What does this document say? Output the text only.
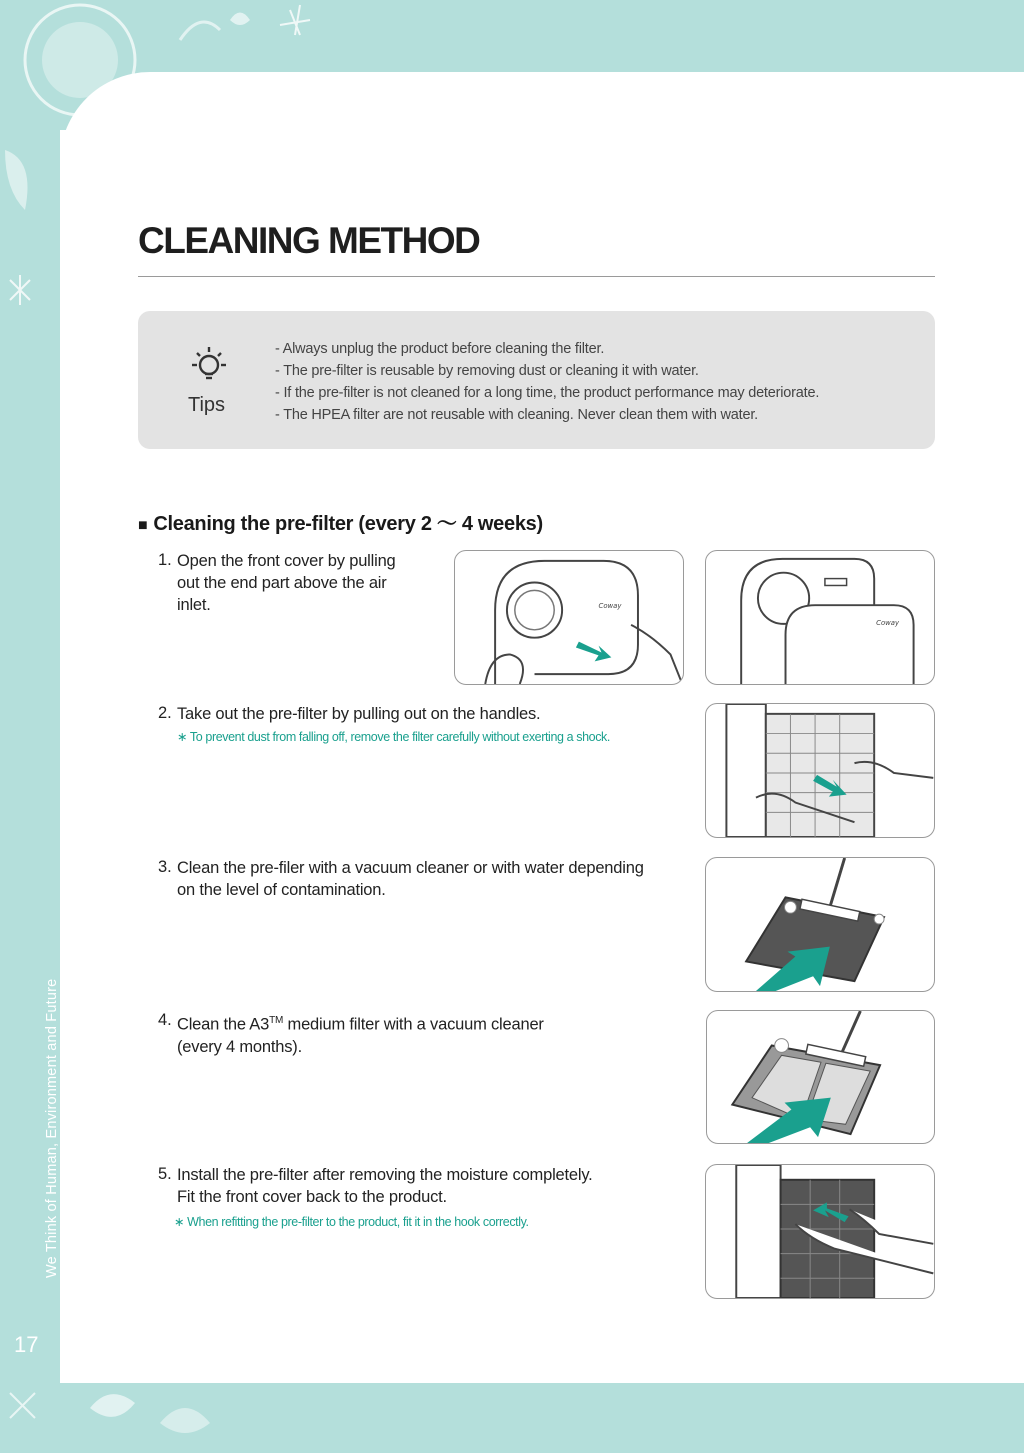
We Think of Human, Environment and Future
17
CLEANING METHOD
Tips
- Always unplug the product before cleaning the filter.
- The pre-filter is reusable by removing dust or cleaning it with water.
- If the pre-filter is not cleaned for a long time, the product performance may deteriorate.
- The HPEA filter are not reusable with cleaning. Never clean them with water.
■ Cleaning the pre-filter (every 2 ～ 4 weeks)
1. Open the front cover by pulling
out the end part above the air
inlet.	Coway
Coway
2. Take out the pre-filter by pulling out on the handles.
∗ To prevent dust from falling off, remove the filter carefully without exerting a shock.
3. Clean the pre-filer with a vacuum cleaner or with water depending
on the level of contamination.
4. Clean the A3™ medium filter with a vacuum cleaner
(every 4 months).
5. Install the pre-filter after removing the moisture completely.
Fit the front cover back to the product.
∗ When refitting the pre-filter to the product, fit it in the hook correctly.
